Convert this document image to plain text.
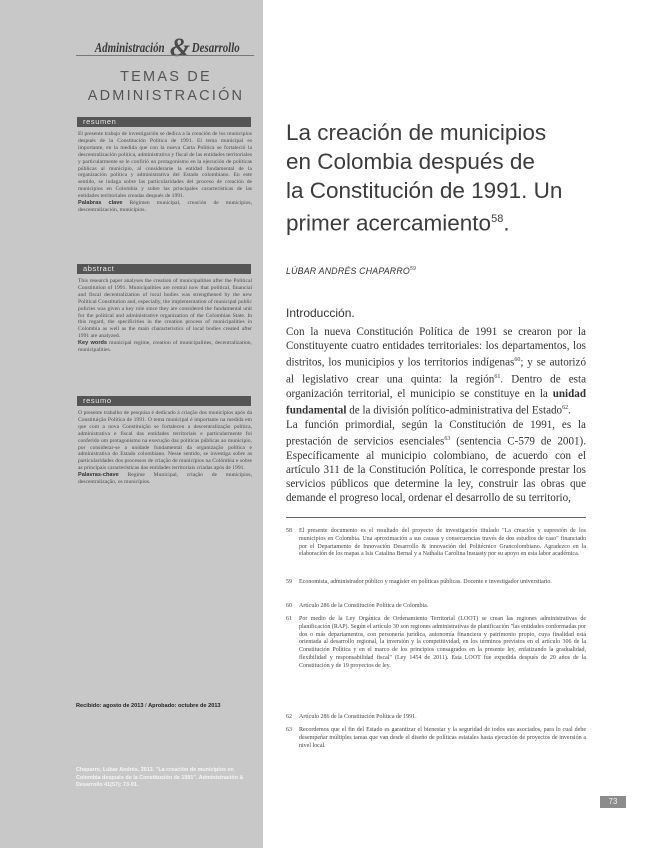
Administración & Desarrollo
TEMAS DE
ADMINISTRACIÓN
resumen
El presente trabajo de investigación se dedica a la creación de los municipios después de la Constitución Política de 1991. El tema municipal es importante, en la medida que con la nueva Carta Política se fortaleció la descentralización política, administrativa y fiscal de las entidades territoriales y particularmente se le confirió un protagonismo en la ejecución de políticas públicas al municipio, al considerarse la entidad fundamental de la organización política y administrativa del Estado colombiano. En este sentido, se indaga sobre las particularidades del proceso de creación de municipios en Colombia y sobre las principales características de las entidades territoriales creadas después de 1991.
Palabras clave Régimen municipal, creación de municipios, descentralización, municipios.
abstract
This research paper analyses the creation of municipalities after the Political Constitution of 1991. Municipalities are central now that political, financial and fiscal decentralization of local bodies was strengthened by the new Political Constitution and, especially, the implementation of municipal public policies was given a key role since they are considered the fundamental unit for the political and administrative organization of the Colombian State. In this regard, the specificities in the creation process of municipalities in Colombia as well as the main characteristics of local bodies created after 1991 are analyzed.
Key words municipal regime, creation of municipalities, decentralization, municipalities.
resumo
O presente trabalho de pesquisa é dedicado à criação dos municípios após da Constituição Política de 1991. O tema municipal é importante na medida em que com a nova Constituição se fortaleceu a descentralização política, administrativa e fiscal das entidades territoriais e particularmente foi conferido um protagonismo na execução das políticas públicas ao município, por considerar-se a unidade fundamental da organização política e administrativa do Estado colombiano. Nesse sentido, se investiga sobre as particularidades dos processos de criação de municípios na Colômbia e sobre as principais características das entidades territoriais criadas após de 1991.
Palavras-chave Regime Municipal, criação de municípios, descentralização, os municípios.
Recibido: agosto de 2013 / Aprobado: octubre de 2013
Chaparro, Lúbar Andrés. 2013. "La creación de municipios en Colombia después de la Constitución de 1991". Administración & Desarrollo 41(57): 73-91.
La creación de municipios
en Colombia después de
la Constitución de 1991. Un
primer acercamiento$^{58}$.
LÚBAR ANDRÉS CHAPARRO$^{59}$
Introducción.
Con la nueva Constitución Política de 1991 se crearon por la Constituyente cuatro entidades territoriales: los departamentos, los distritos, los municipios y los territorios indígenas$^{60}$; y se autorizó al legislativo crear una quinta: la región$^{61}$. Dentro de esta organización territorial, el municipio se constituye en la unidad fundamental de la división político-administrativa del Estado$^{62}$.
La función primordial, según la Constitución de 1991, es la prestación de servicios esenciales$^{63}$ (sentencia C-579 de 2001). Específicamente al municipio colombiano, de acuerdo con el artículo 311 de la Constitución Política, le corresponde prestar los servicios públicos que determine la ley, construir las obras que demande el progreso local, ordenar el desarrollo de su territorio,
58 El presente documento es el resultado del proyecto de investigación titulado "La creación y supresión de los municipios en Colombia. Una aproximación a sus causas y consecuencias través de dos estudios de caso" financiado por el Departamento de Innovación Desarrollo & innovación del Politécnico Grancolombiano. Agradezco en la elaboración de los mapas a Isis Catalina Bernal y a Nathalia Carolina Insuasty por su apoyo en esta labor académica.
59 Economista, administrador público y magíster en políticas públicas. Docente e investigador universitario.
60 Artículo 286 de la Constitución Política de Colombia.
61 Por medio de la Ley Orgánica de Ordenamiento Territorial (LOOT) se crean las regiones administrativas de planificación (RAP). Según el artículo 30 son regiones administrativas de planificación "las entidades conformadas por dos o más departamentos, con personería jurídica, autonomía financiera y patrimonio propio, cuya finalidad está orientada al desarrollo regional, la inversión y la competitividad, en los términos previstos en el artículo 306 de la Constitución Política y en el marco de los principios consagrados en la presente ley, enfatizando la gradualidad, flexibilidad y responsabilidad fiscal" (Ley 1454 de 2011). Esta LOOT fue expedida después de 20 años de la Constitución y de 19 proyectos de ley.
62 Artículo 286 de la Constitución Política de 1991.
63 Recordemos que el fin del Estado es garantizar el bienestar y la seguridad de todos sus asociados, para lo cual debe desempeñar múltiples tareas que van desde el diseño de políticas estatales hasta ejecución de proyectos de inversión a nivel local.
73
